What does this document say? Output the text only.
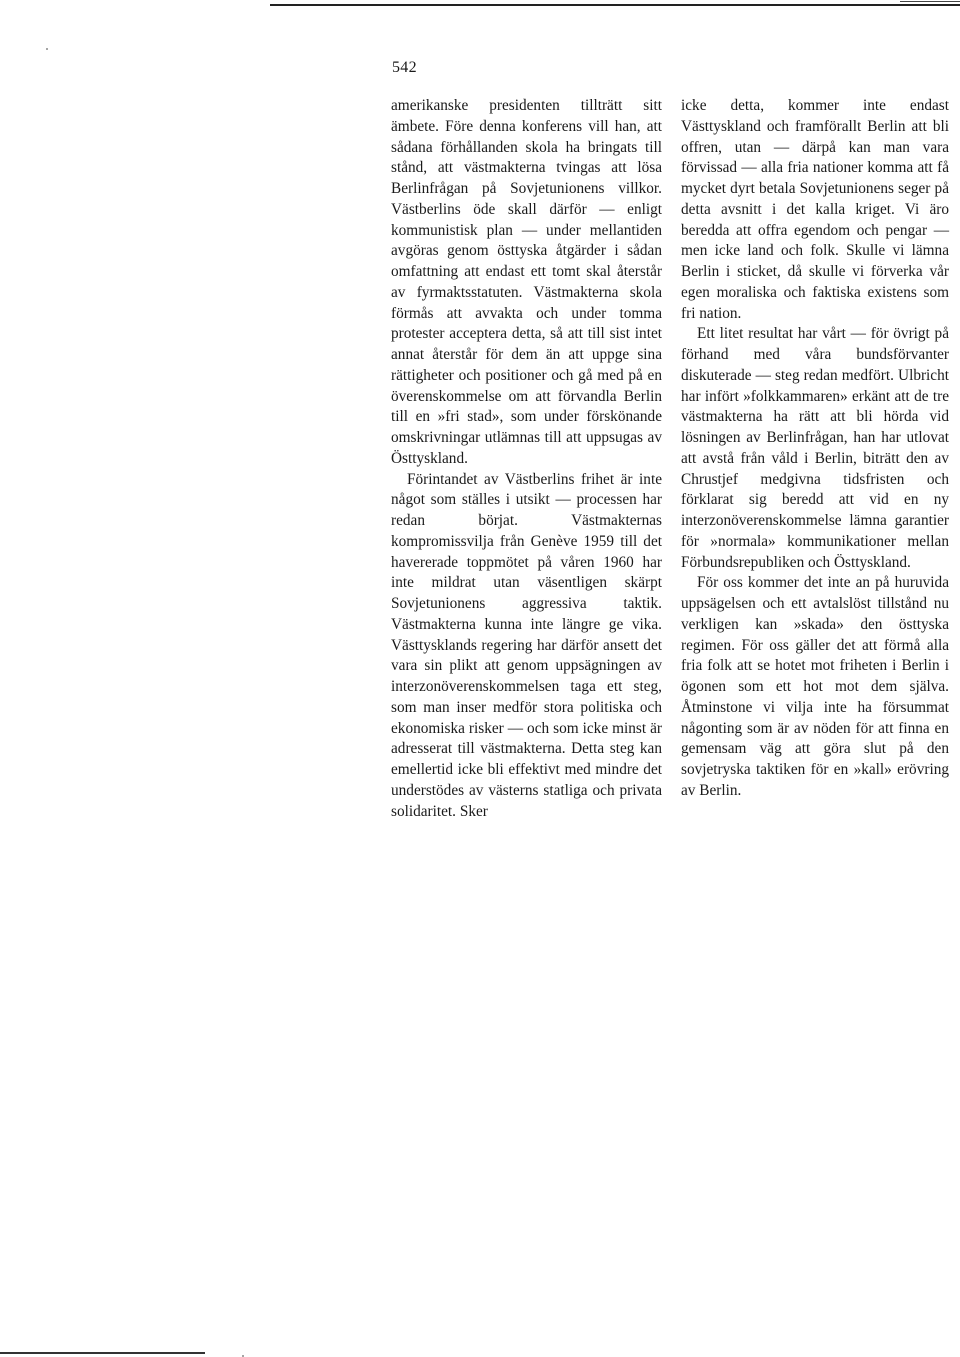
542

amerikanske presidenten tillträtt sitt ämbete. Före denna konferens vill han, att sådana förhållanden skola ha bringats till stånd, att västmakterna tvingas att lösa Berlinfrågan på Sovjetunionens villkor. Västberlins öde skall därför — enligt kommunistisk plan — under mellantiden avgöras genom östtyska åtgärder i sådan omfattning att endast ett tomt skal återstår av fyrmaktsstatuten. Västmakterna skola förmås att avvakta och under tomma protester acceptera detta, så att till sist intet annat återstår för dem än att uppge sina rättigheter och positioner och gå med på en överenskommelse om att förvandla Berlin till en »fri stad», som under förskönande omskrivningar utlämnas till att uppsugas av Östtyskland.

Förintandet av Västberlins frihet är inte något som ställes i utsikt — processen har redan börjat. Västmakternas kompromissvilja från Genève 1959 till det havererade toppmötet på våren 1960 har inte mildrat utan väsentligen skärpt Sovjetunionens aggressiva taktik. Västmakterna kunna inte längre ge vika. Västtysklands regering har därför ansett det vara sin plikt att genom uppsägningen av interzonöverenskommelsen taga ett steg, som man inser medför stora politiska och ekonomiska risker — och som icke minst är adresserat till västmakterna. Detta steg kan emellertid icke bli effektivt med mindre det understödes av västerns statliga och privata solidaritet. Sker

icke detta, kommer inte endast Västtyskland och framförallt Berlin att bli offren, utan — därpå kan man vara förvissad — alla fria nationer komma att få mycket dyrt betala Sovjetunionens seger på detta avsnitt i det kalla kriget. Vi äro beredda att offra egendom och pengar — men icke land och folk. Skulle vi lämna Berlin i sticket, då skulle vi förverka vår egen moraliska och faktiska existens som fri nation.

Ett litet resultat har vårt — för övrigt på förhand med våra bundsförvanter diskuterade — steg redan medfört. Ulbricht har infört »folkkammaren» erkänt att de tre västmakterna ha rätt att bli hörda vid lösningen av Berlinfrågan, han har utlovat att avstå från våld i Berlin, biträtt den av Chrustjef medgivna tidsfristen och förklarat sig beredd att vid en ny interzonöverenskommelse lämna garantier för »normala» kommunikationer mellan Förbundsrepubliken och Östtyskland.

För oss kommer det inte an på huruvida uppsägelsen och ett avtalslöst tillstånd nu verkligen kan »skada» den östtyska regimen. För oss gäller det att förmå alla fria folk att se hotet mot friheten i Berlin i ögonen som ett hot mot dem själva. Åtminstone vi vilja inte ha försummat någonting som är av nöden för att finna en gemensam väg att göra slut på den sovjetryska taktiken för en »kall» erövring av Berlin.
